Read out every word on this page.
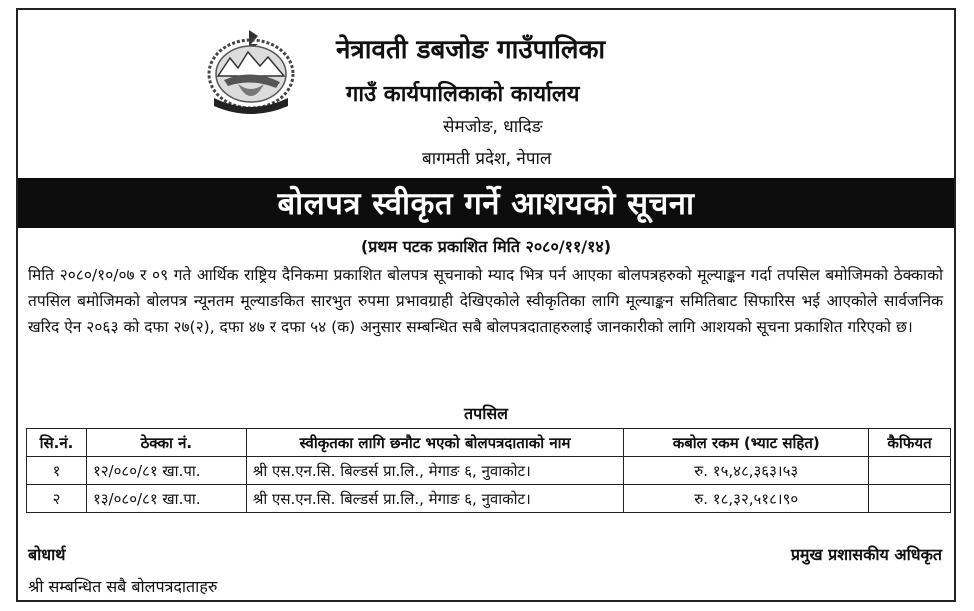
नेत्रावती डबजोङ गाउँपालिका
गाउँ कार्यपालिकाको कार्यालय
सेमजोङ, धादिङ
बागमती प्रदेश, नेपाल
बोलपत्र स्वीकृत गर्ने आशयको सूचना
(प्रथम पटक प्रकाशित मिति २०८०/११/१४)
मिति २०८०/१०/०७ र ०९ गते आर्थिक राष्ट्रिय दैनिकमा प्रकाशित बोलपत्र सूचनाको म्याद भित्र पर्न आएका बोलपत्रहरुको मूल्याङ्कन गर्दा तपसिल बमोजिमको ठेक्काको तपसिल बमोजिमको बोलपत्र न्यूनतम मूल्याङकित सारभुत रुपमा प्रभावग्राही देखिएकोले स्वीकृतिका लागि मूल्याङ्कन समितिबाट सिफारिस भई आएकोले सार्वजनिक खरिद ऐन २०६३ को दफा २७(२), दफा ४७ र दफा ५४ (क) अनुसार सम्बन्धित सबै बोलपत्रदाताहरुलाई जानकारीको लागि आशयको सूचना प्रकाशित गरिएको छ।
तपसिल
सि.नं.	ठेक्का नं.	स्वीकृतका लागि छनौट भएको बोलपत्रदाताको नाम	कबोल रकम (भ्याट सहित)	कैफियत
१	१२/०८०/८१ खा.पा.	श्री एस.एन.सि. बिल्डर्स प्रा.लि., मेगाङ ६, नुवाकोट।	रु. १५,४८,३६३।५३	
२	१३/०८०/८१ खा.पा.	श्री एस.एन.सि. बिल्डर्स प्रा.लि., मेगाङ ६, नुवाकोट।	रु. १८,३२,५१८।९०	
बोधार्थ	प्रमुख प्रशासकीय अधिकृत
श्री सम्बन्धित सबै बोलपत्रदाताहरु
